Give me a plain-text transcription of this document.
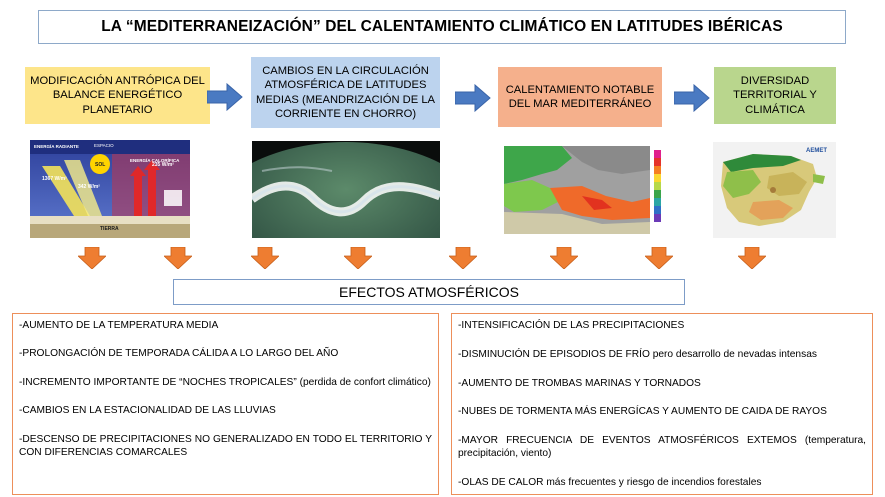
LA “MEDITERRANEIZACIÓN” DEL CALENTAMIENTO CLIMÁTICO EN LATITUDES IBÉRICAS
MODIFICACIÓN ANTRÓPICA DEL BALANCE ENERGÉTICO PLANETARIO
CAMBIOS EN LA CIRCULACIÓN ATMOSFÉRICA DE LATITUDES MEDIAS (MEANDRIZACIÓN DE LA CORRIENTE EN CHORRO)
CALENTAMIENTO NOTABLE DEL MAR MEDITERRÁNEO
DIVERSIDAD TERRITORIAL Y CLIMÁTICA
ENERGÍA RADIANTE
ENERGÍA CALORÍFICA
ESPACIO
SOL
1367 W/m²
342 W/m²
235 W/m²
TIERRA
AEMET
EFECTOS ATMOSFÉRICOS

-AUMENTO DE LA TEMPERATURA MEDIA

-PROLONGACIÓN DE TEMPORADA CÁLIDA A LO LARGO DEL AÑO

-INCREMENTO IMPORTANTE DE “NOCHES TROPICALES” (perdida de confort climático)

-CAMBIOS EN LA ESTACIONALIDAD DE LAS LLUVIAS

-DESCENSO DE PRECIPITACIONES NO GENERALIZADO EN TODO EL TERRITORIO Y CON DIFERENCIAS COMARCALES

-INTENSIFICACIÓN DE LAS PRECIPITACIONES

-DISMINUCIÓN DE EPISODIOS DE FRÍO pero desarrollo de nevadas intensas

-AUMENTO DE TROMBAS MARINAS Y TORNADOS

-NUBES DE TORMENTA MÁS ENERGÍCAS Y AUMENTO DE CAIDA DE RAYOS

-MAYOR FRECUENCIA DE EVENTOS ATMOSFÉRICOS EXTEMOS (temperatura, precipitación, viento)

-OLAS DE CALOR más frecuentes y riesgo de incendios forestales
